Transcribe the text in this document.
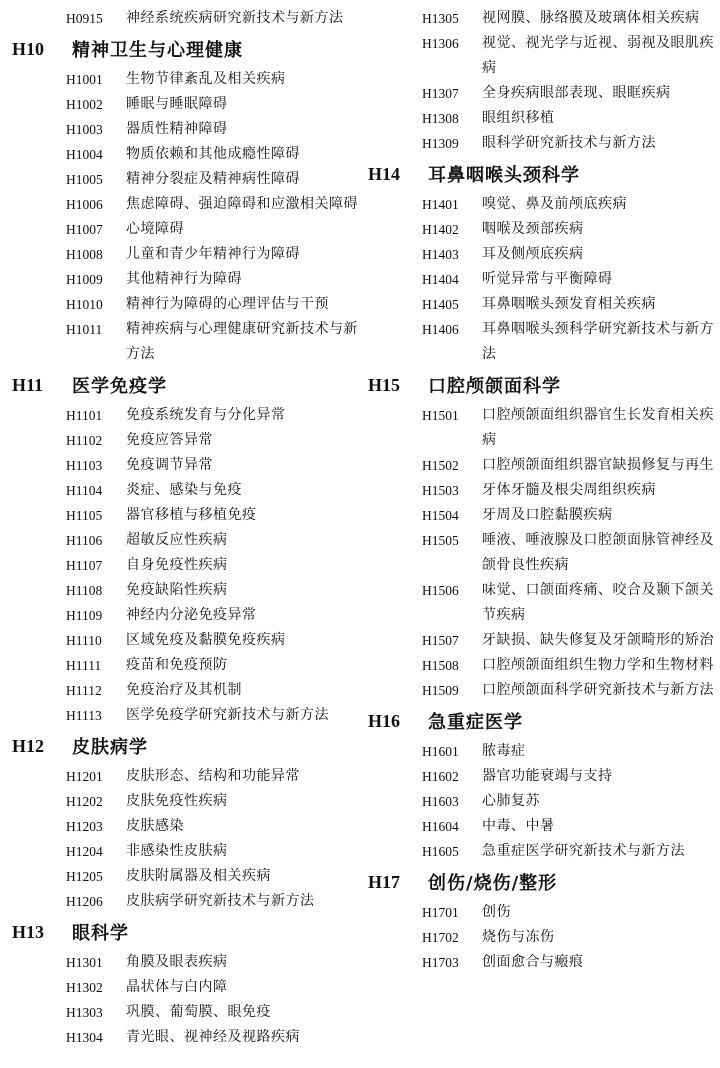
H0915	神经系统疾病研究新技术与新方法
H10	精神卫生与心理健康
H1001	生物节律紊乱及相关疾病
H1002	睡眠与睡眠障碍
H1003	器质性精神障碍
H1004	物质依赖和其他成瘾性障碍
H1005	精神分裂症及精神病性障碍
H1006	焦虑障碍、强迫障碍和应激相关障碍
H1007	心境障碍
H1008	儿童和青少年精神行为障碍
H1009	其他精神行为障碍
H1010	精神行为障碍的心理评估与干预
H1011	精神疾病与心理健康研究新技术与新方法
H11	医学免疫学
H1101	免疫系统发育与分化异常
H1102	免疫应答异常
H1103	免疫调节异常
H1104	炎症、感染与免疫
H1105	器官移植与移植免疫
H1106	超敏反应性疾病
H1107	自身免疫性疾病
H1108	免疫缺陷性疾病
H1109	神经内分泌免疫异常
H1110	区域免疫及黏膜免疫疾病
H1111	疫苗和免疫预防
H1112	免疫治疗及其机制
H1113	医学免疫学研究新技术与新方法
H12	皮肤病学
H1201	皮肤形态、结构和功能异常
H1202	皮肤免疫性疾病
H1203	皮肤感染
H1204	非感染性皮肤病
H1205	皮肤附属器及相关疾病
H1206	皮肤病学研究新技术与新方法
H13	眼科学
H1301	角膜及眼表疾病
H1302	晶状体与白内障
H1303	巩膜、葡萄膜、眼免疫
H1304	青光眼、视神经及视路疾病
H1305	视网膜、脉络膜及玻璃体相关疾病
H1306	视觉、视光学与近视、弱视及眼肌疾病
H1307	全身疾病眼部表现、眼眶疾病
H1308	眼组织移植
H1309	眼科学研究新技术与新方法
H14	耳鼻咽喉头颈科学
H1401	嗅觉、鼻及前颅底疾病
H1402	咽喉及颈部疾病
H1403	耳及侧颅底疾病
H1404	听觉异常与平衡障碍
H1405	耳鼻咽喉头颈发育相关疾病
H1406	耳鼻咽喉头颈科学研究新技术与新方法
H15	口腔颅颌面科学
H1501	口腔颅颌面组织器官生长发育相关疾病
H1502	口腔颅颌面组织器官缺损修复与再生
H1503	牙体牙髓及根尖周组织疾病
H1504	牙周及口腔黏膜疾病
H1505	唾液、唾液腺及口腔颌面脉管神经及颌骨良性疾病
H1506	味觉、口颌面疼痛、咬合及颞下颌关节疾病
H1507	牙缺损、缺失修复及牙颌畸形的矫治
H1508	口腔颅颌面组织生物力学和生物材料
H1509	口腔颅颌面科学研究新技术与新方法
H16	急重症医学
H1601	脓毒症
H1602	器官功能衰竭与支持
H1603	心肺复苏
H1604	中毒、中暑
H1605	急重症医学研究新技术与新方法
H17	创伤/烧伤/整形
H1701	创伤
H1702	烧伤与冻伤
H1703	创面愈合与瘢痕
